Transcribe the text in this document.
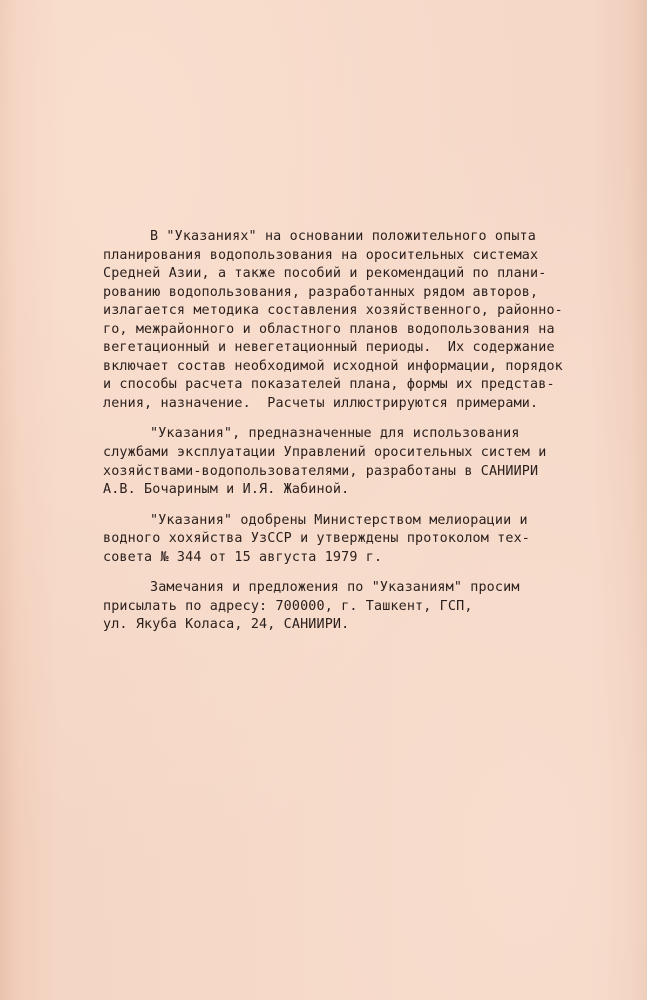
В "Указаниях" на основании положительного опыта
планирования водопользования на оросительных системах
Средней Азии, а также пособий и рекомендаций по плани-
рованию водопользования, разработанных рядом авторов,
излагается методика составления хозяйственного, районно-
го, межрайонного и областного планов водопользования на
вегетационный и невегетационный периоды.  Их содержание
включает состав необходимой исходной информации, порядок
и способы расчета показателей плана, формы их представ-
ления, назначение.  Расчеты иллюстрируются примерами.
"Указания", предназначенные для использования
службами эксплуатации Управлений оросительных систем и
хозяйствами-водопользователями, разработаны в САНИИРИ
А.В. Бочариным и И.Я. Жабиной.
"Указания" одобрены Министерством мелиорации и
водного хохяйства УзССР и утверждены протоколом тех-
совета № 344 от 15 августа 1979 г.
Замечания и предложения по "Указаниям" просим
присылать по адресу: 700000, г. Ташкент, ГСП,
ул. Якуба Коласа, 24, САНИИРИ.
